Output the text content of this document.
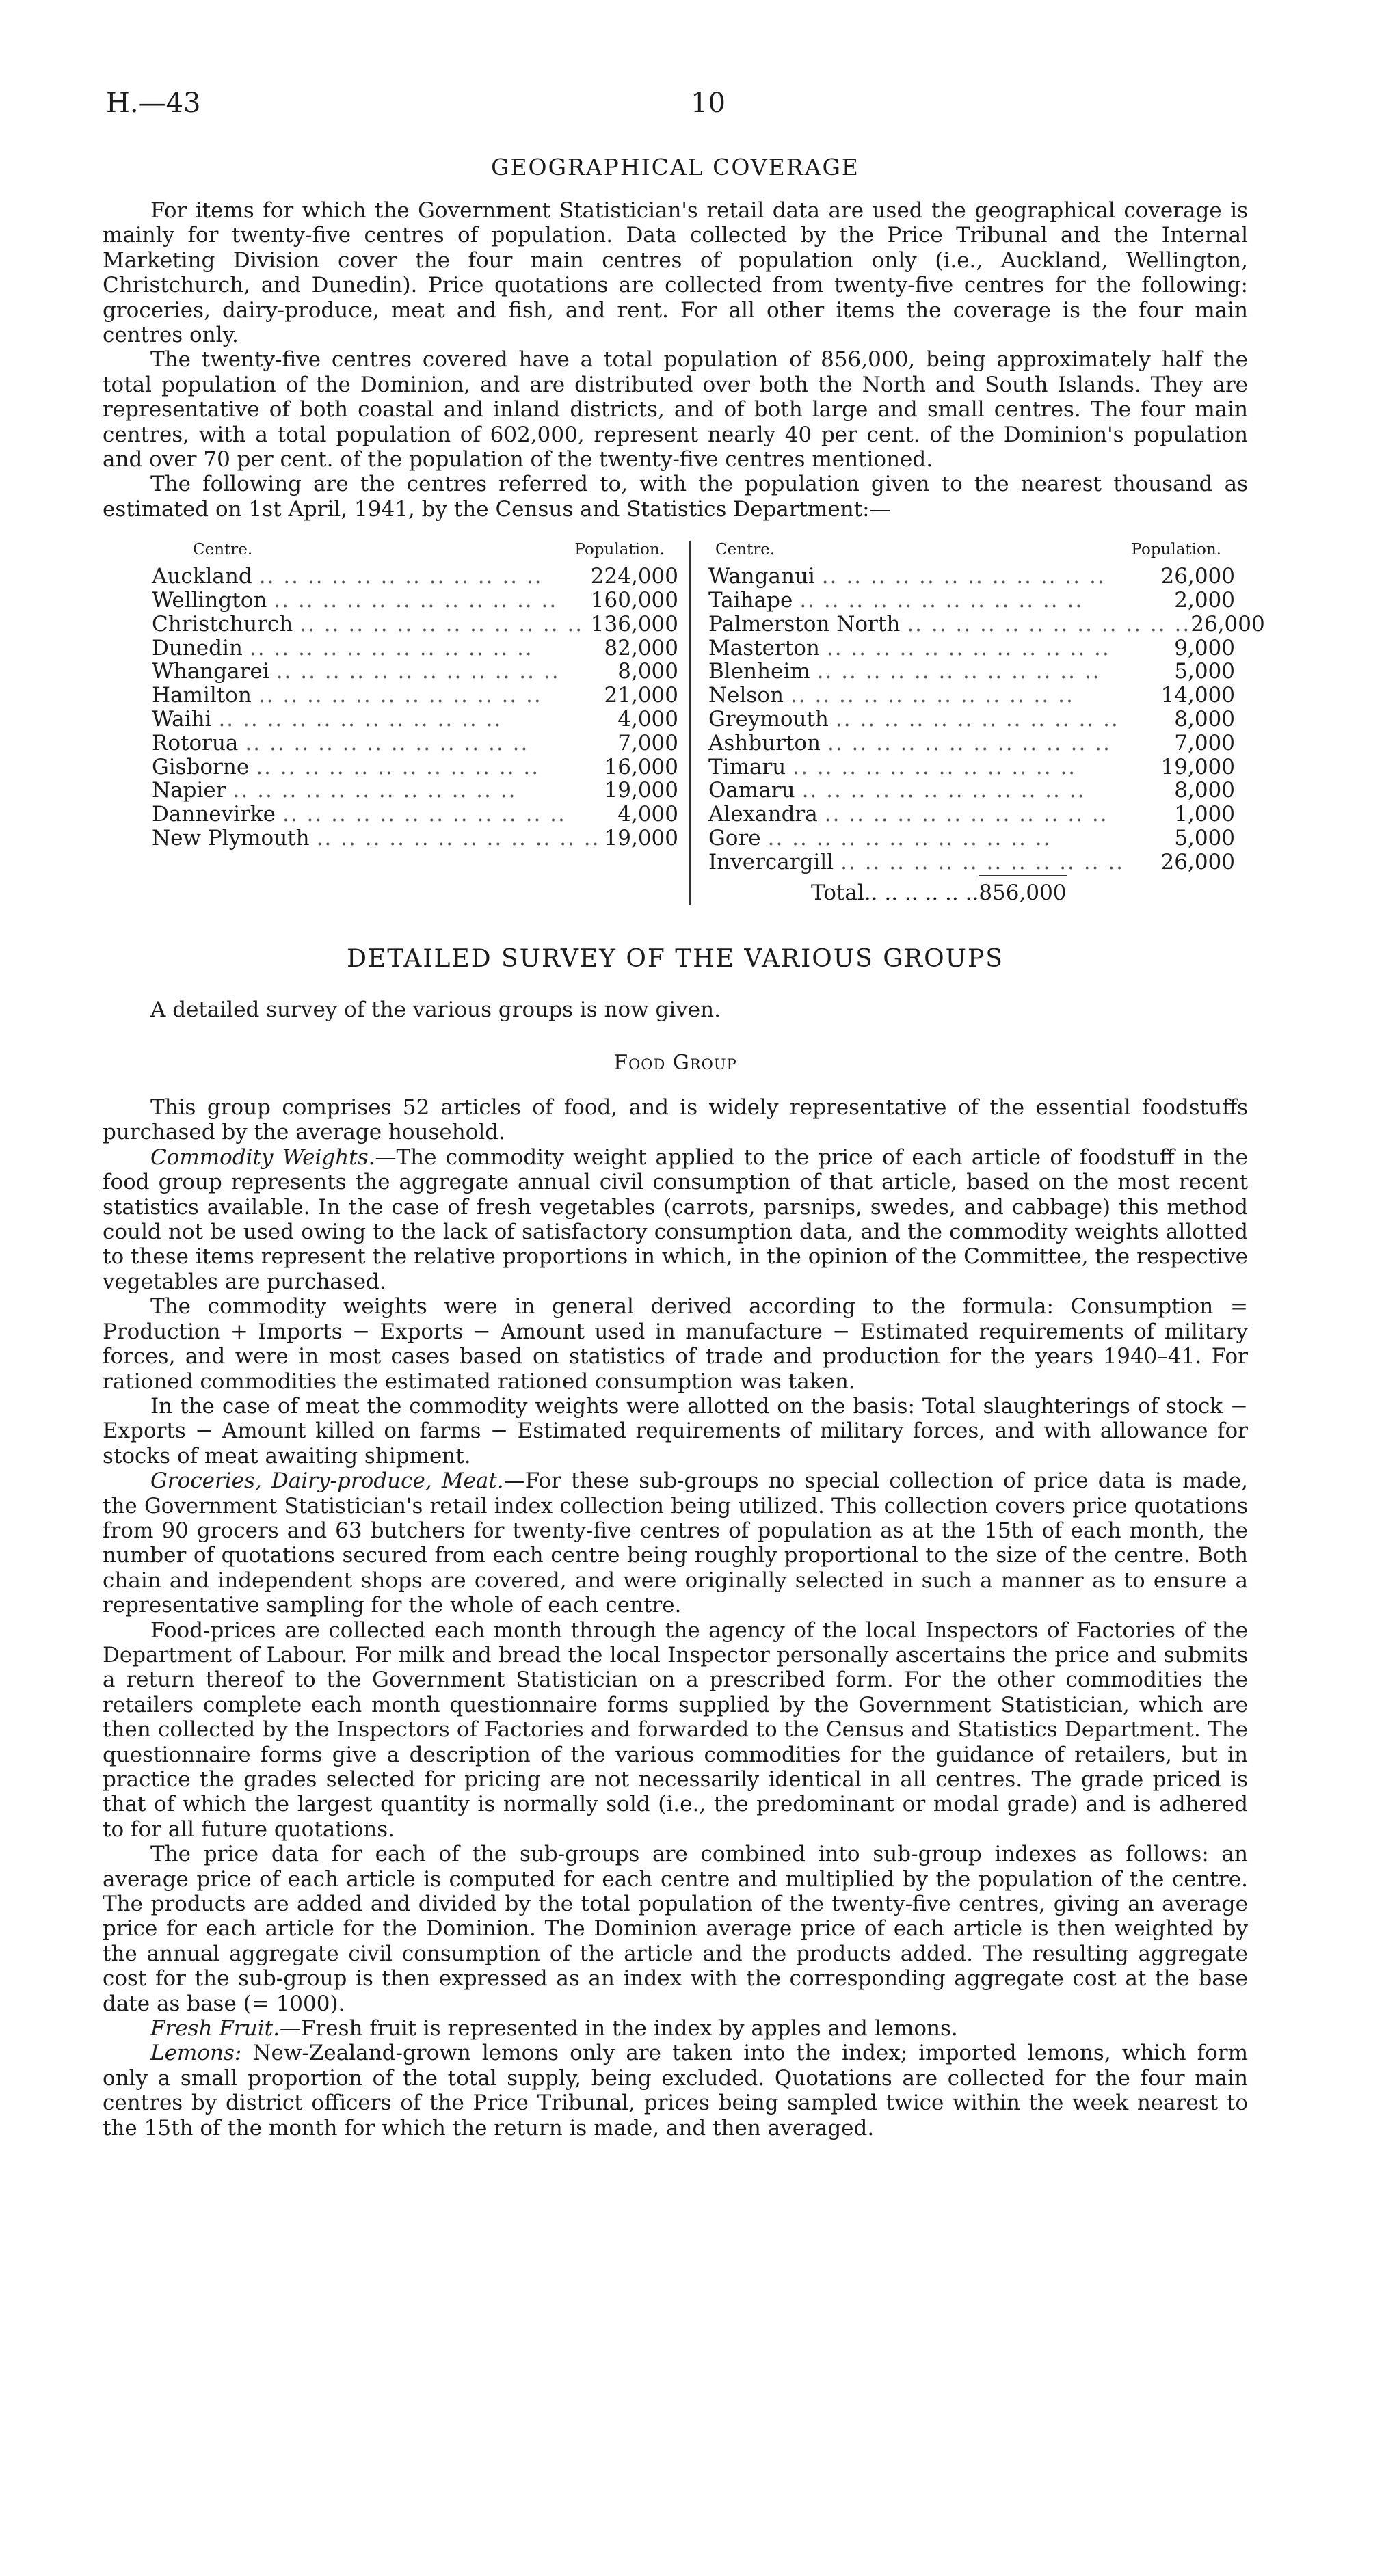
H.—43	10
GEOGRAPHICAL COVERAGE

For items for which the Government Statistician's retail data are used the geographical coverage is mainly for twenty-five centres of population. Data collected by the Price Tribunal and the Internal Marketing Division cover the four main centres of population only (i.e., Auckland, Wellington, Christchurch, and Dunedin). Price quotations are collected from twenty-five centres for the following: groceries, dairy-produce, meat and fish, and rent. For all other items the coverage is the four main centres only.

The twenty-five centres covered have a total population of 856,000, being approximately half the total population of the Dominion, and are distributed over both the North and South Islands. They are representative of both coastal and inland districts, and of both large and small centres. The four main centres, with a total population of 602,000, represent nearly 40 per cent. of the Dominion's population and over 70 per cent. of the population of the twenty-five centres mentioned.

The following are the centres referred to, with the population given to the nearest thousand as estimated on 1st April, 1941, by the Census and Statistics Department:—

Centre.	Population.
Auckland .. .. .. .. .. .. .. .. .. .. .. ..	224,000
Wellington .. .. .. .. .. .. .. .. .. .. .. ..	160,000
Christchurch .. .. .. .. .. .. .. .. .. .. .. .. 136,000
Dunedin .. .. .. .. .. .. .. .. .. .. .. ..	82,000
Whangarei .. .. .. .. .. .. .. .. .. .. .. ..	8,000
Hamilton .. .. .. .. .. .. .. .. .. .. .. ..	21,000
Waihi .. .. .. .. .. .. .. .. .. .. .. ..	4,000
Rotorua .. .. .. .. .. .. .. .. .. .. .. ..	7,000
Gisborne .. .. .. .. .. .. .. .. .. .. .. ..	16,000
Napier .. .. .. .. .. .. .. .. .. .. .. ..	19,000
Dannevirke .. .. .. .. .. .. .. .. .. .. .. ..	4,000
New Plymouth .. .. .. .. .. .. .. .. .. .. .. .. 19,000
Centre.	Population.
Wanganui .. .. .. .. .. .. .. .. .. .. .. ..	26,000
Taihape .. .. .. .. .. .. .. .. .. .. .. ..	2,000
Palmerston North .. .. .. .. .. .. .. .. .. .. .. .. 26,000
Masterton .. .. .. .. .. .. .. .. .. .. .. ..	9,000
Blenheim .. .. .. .. .. .. .. .. .. .. .. ..	5,000
Nelson .. .. .. .. .. .. .. .. .. .. .. ..	14,000
Greymouth .. .. .. .. .. .. .. .. .. .. .. ..	8,000
Ashburton .. .. .. .. .. .. .. .. .. .. .. ..	7,000
Timaru .. .. .. .. .. .. .. .. .. .. .. ..	19,000
Oamaru .. .. .. .. .. .. .. .. .. .. .. ..	8,000
Alexandra .. .. .. .. .. .. .. .. .. .. .. ..	1,000
Gore .. .. .. .. .. .. .. .. .. .. .. ..	5,000
Invercargill .. .. .. .. .. .. .. .. .. .. .. ..	26,000
Total .. .. .. .. .. .. 856,000
DETAILED SURVEY OF THE VARIOUS GROUPS

A detailed survey of the various groups is now given.

Food Group

This group comprises 52 articles of food, and is widely representative of the essential foodstuffs purchased by the average household.

Commodity Weights.—The commodity weight applied to the price of each article of foodstuff in the food group represents the aggregate annual civil consumption of that article, based on the most recent statistics available. In the case of fresh vegetables (carrots, parsnips, swedes, and cabbage) this method could not be used owing to the lack of satisfactory consumption data, and the commodity weights allotted to these items represent the relative proportions in which, in the opinion of the Committee, the respective vegetables are purchased.

The commodity weights were in general derived according to the formula: Consumption = Production + Imports − Exports − Amount used in manufacture − Estimated requirements of military forces, and were in most cases based on statistics of trade and production for the years 1940–41. For rationed commodities the estimated rationed consumption was taken.

In the case of meat the commodity weights were allotted on the basis: Total slaughterings of stock − Exports − Amount killed on farms − Estimated requirements of military forces, and with allowance for stocks of meat awaiting shipment.

Groceries, Dairy-produce, Meat.—For these sub-groups no special collection of price data is made, the Government Statistician's retail index collection being utilized. This collection covers price quotations from 90 grocers and 63 butchers for twenty-five centres of population as at the 15th of each month, the number of quotations secured from each centre being roughly proportional to the size of the centre. Both chain and independent shops are covered, and were originally selected in such a manner as to ensure a representative sampling for the whole of each centre.

Food-prices are collected each month through the agency of the local Inspectors of Factories of the Department of Labour. For milk and bread the local Inspector personally ascertains the price and submits a return thereof to the Government Statistician on a prescribed form. For the other commodities the retailers complete each month questionnaire forms supplied by the Government Statistician, which are then collected by the Inspectors of Factories and forwarded to the Census and Statistics Department. The questionnaire forms give a description of the various commodities for the guidance of retailers, but in practice the grades selected for pricing are not necessarily identical in all centres. The grade priced is that of which the largest quantity is normally sold (i.e., the predominant or modal grade) and is adhered to for all future quotations.

The price data for each of the sub-groups are combined into sub-group indexes as follows: an average price of each article is computed for each centre and multiplied by the population of the centre. The products are added and divided by the total population of the twenty-five centres, giving an average price for each article for the Dominion. The Dominion average price of each article is then weighted by the annual aggregate civil consumption of the article and the products added. The resulting aggregate cost for the sub-group is then expressed as an index with the corresponding aggregate cost at the base date as base (= 1000).

Fresh Fruit.—Fresh fruit is represented in the index by apples and lemons.

Lemons: New-Zealand-grown lemons only are taken into the index; imported lemons, which form only a small proportion of the total supply, being excluded. Quotations are collected for the four main centres by district officers of the Price Tribunal, prices being sampled twice within the week nearest to the 15th of the month for which the return is made, and then averaged.
